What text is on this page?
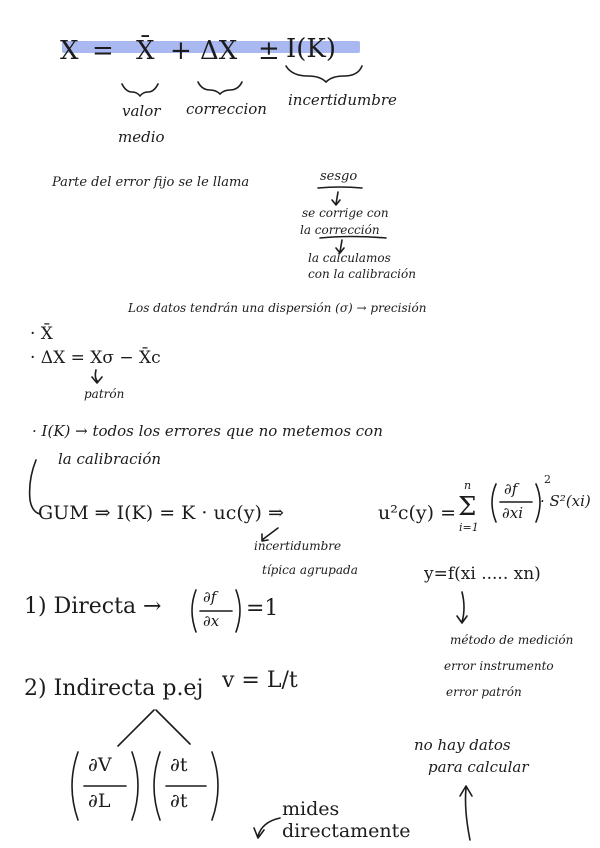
X = X̄ + ΔX ± I(K)
valor
medio
correccion incertidumbre
Parte del error fijo se le llama	sesgo
se corrige con
la corrección
la calculamos
con la calibración
Los datos tendrán una dispersión (σ) → precisión
· X̄
· ΔX = Xσ − X̄c
patrón
· I(K) → todos los errores que no metemos con
la calibración
GUM ⇒ I(K) = K · uc(y) ⇒	u²c(y) =
n
Σ
i=1
∂f
∂xi
2
· S²(xi)
incertidumbre
típica agrupada	y=f(xi ..... xn)
método de medición
error instrumento
error patrón
1) Directa →	∂f
∂x =1
2) Indirecta p.ej v = L/t
∂V
∂L
∂t
∂t
no hay datos
para calcular
mides
directamente
